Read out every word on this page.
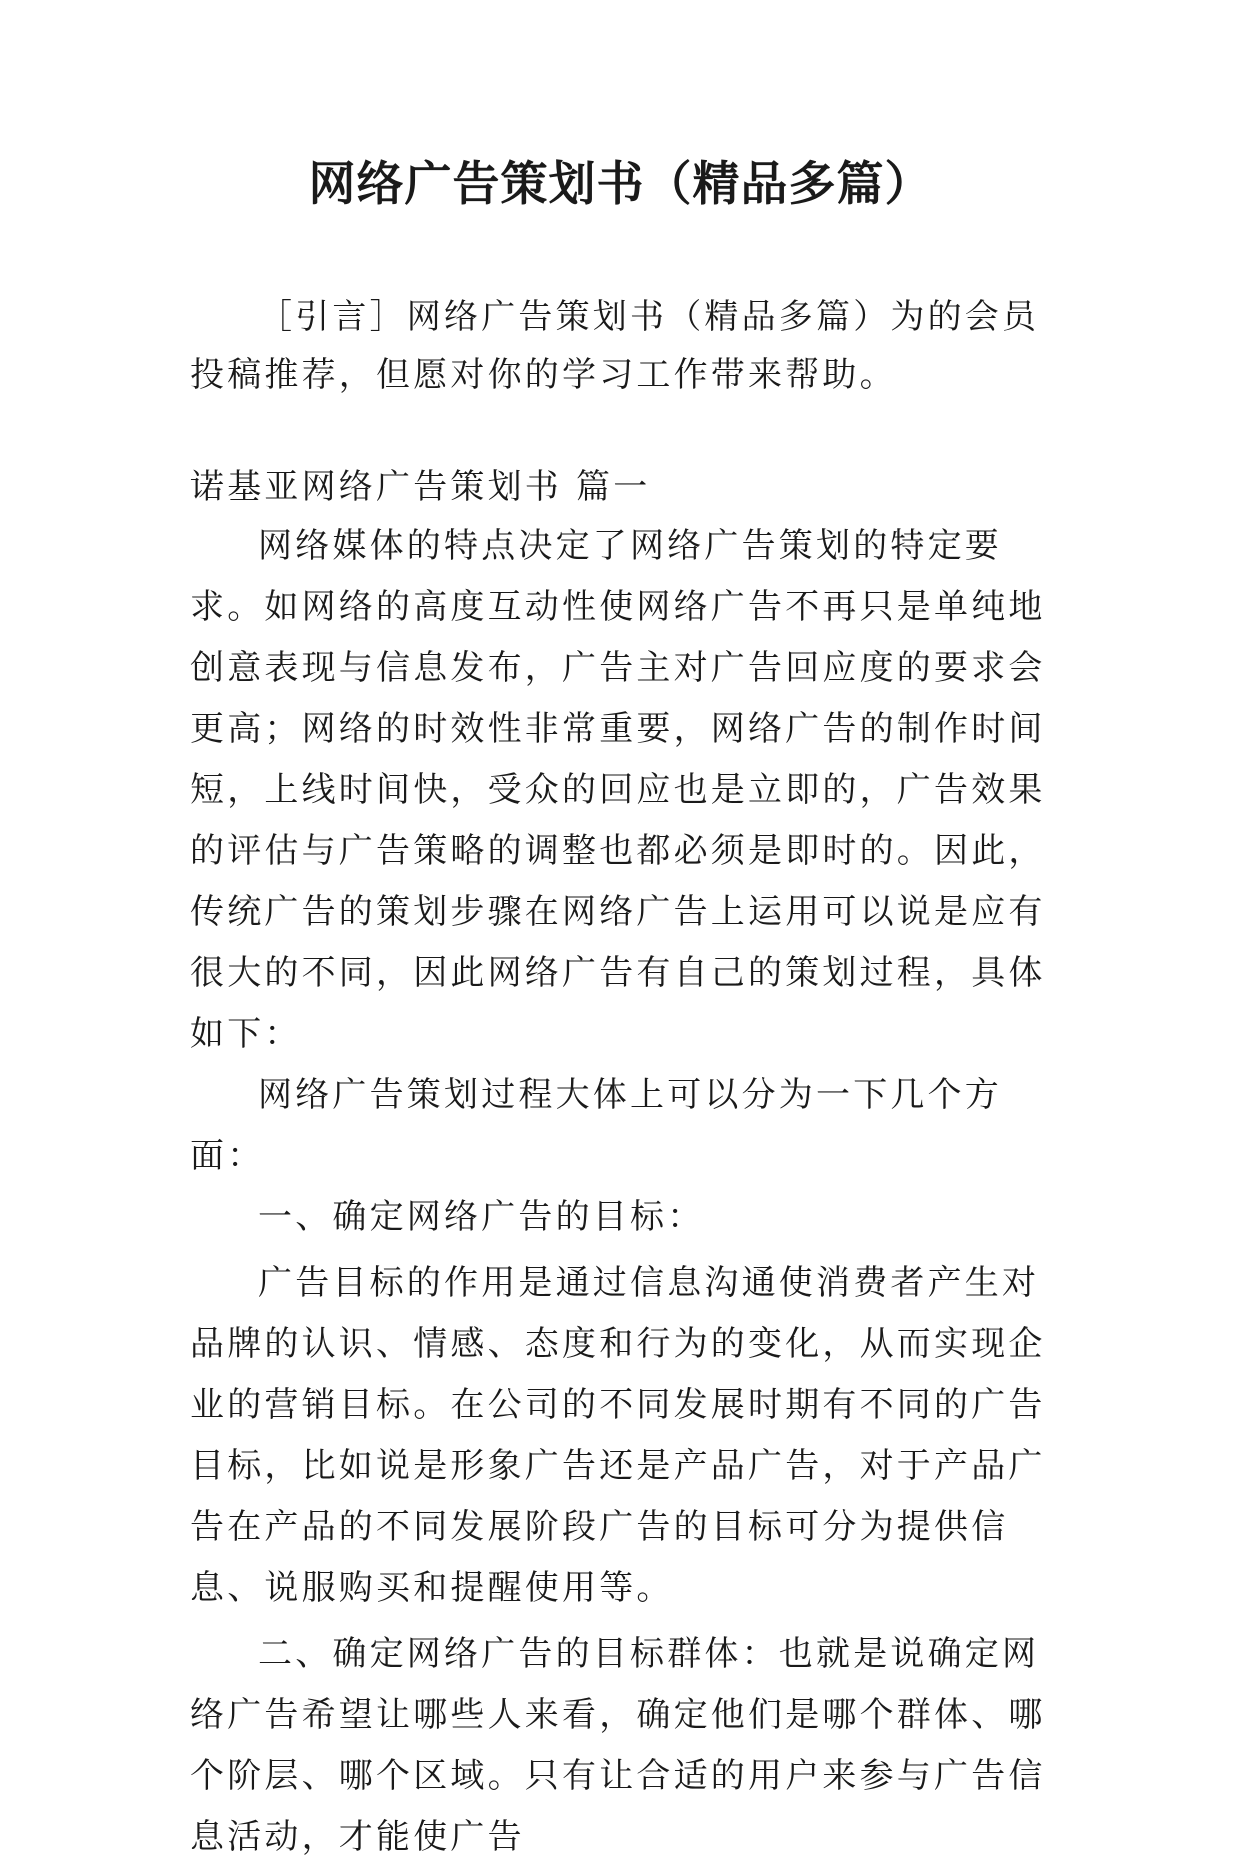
网络广告策划书（精品多篇）

［引言］网络广告策划书（精品多篇）为的会员投稿推荐，但愿对你的学习工作带来帮助。

诺基亚网络广告策划书 篇一

网络媒体的特点决定了网络广告策划的特定要求。如网络的高度互动性使网络广告不再只是单纯地创意表现与信息发布，广告主对广告回应度的要求会更高；网络的时效性非常重要，网络广告的制作时间短，上线时间快，受众的回应也是立即的，广告效果的评估与广告策略的调整也都必须是即时的。因此，传统广告的策划步骤在网络广告上运用可以说是应有很大的不同，因此网络广告有自己的策划过程，具体如下：

网络广告策划过程大体上可以分为一下几个方面：

一、确定网络广告的目标：

广告目标的作用是通过信息沟通使消费者产生对品牌的认识、情感、态度和行为的变化，从而实现企业的营销目标。在公司的不同发展时期有不同的广告目标，比如说是形象广告还是产品广告，对于产品广告在产品的不同发展阶段广告的目标可分为提供信息、说服购买和提醒使用等。

二、确定网络广告的目标群体：也就是说确定网络广告希望让哪些人来看，确定他们是哪个群体、哪个阶层、哪个区域。只有让合适的用户来参与广告信息活动，才能使广告
